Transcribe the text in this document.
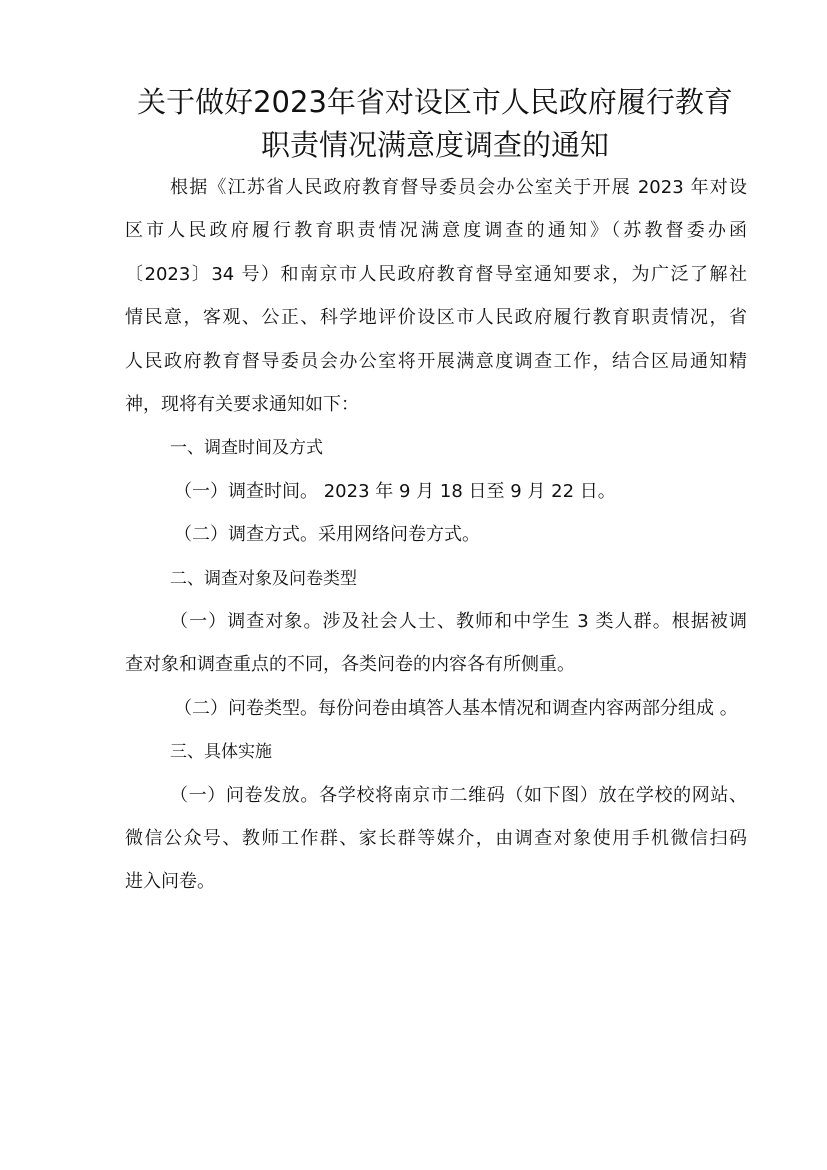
关于做好2023年省对设区市人民政府履行教育
职责情况满意度调查的通知
根据《江苏省人民政府教育督导委员会办公室关于开展 2023 年对设
区市人民政府履行教育职责情况满意度调查的通知》（苏教督委办函
〔2023〕34 号）和南京市人民政府教育督导室通知要求，为广泛了解社
情民意，客观、公正、科学地评价设区市人民政府履行教育职责情况，省
人民政府教育督导委员会办公室将开展满意度调查工作，结合区局通知精
神，现将有关要求通知如下：
一、调查时间及方式
（一）调查时间。 2023 年 9 月 18 日至 9 月 22 日。
（二）调查方式。采用网络问卷方式。
二、调查对象及问卷类型
（一）调查对象。涉及社会人士、教师和中学生 3 类人群。根据被调
查对象和调查重点的不同，各类问卷的内容各有所侧重。
（二）问卷类型。每份问卷由填答人基本情况和调查内容两部分组成 。
三、具体实施
（一）问卷发放。各学校将南京市二维码（如下图）放在学校的网站、
微信公众号、教师工作群、家长群等媒介，由调查对象使用手机微信扫码
进入问卷。
